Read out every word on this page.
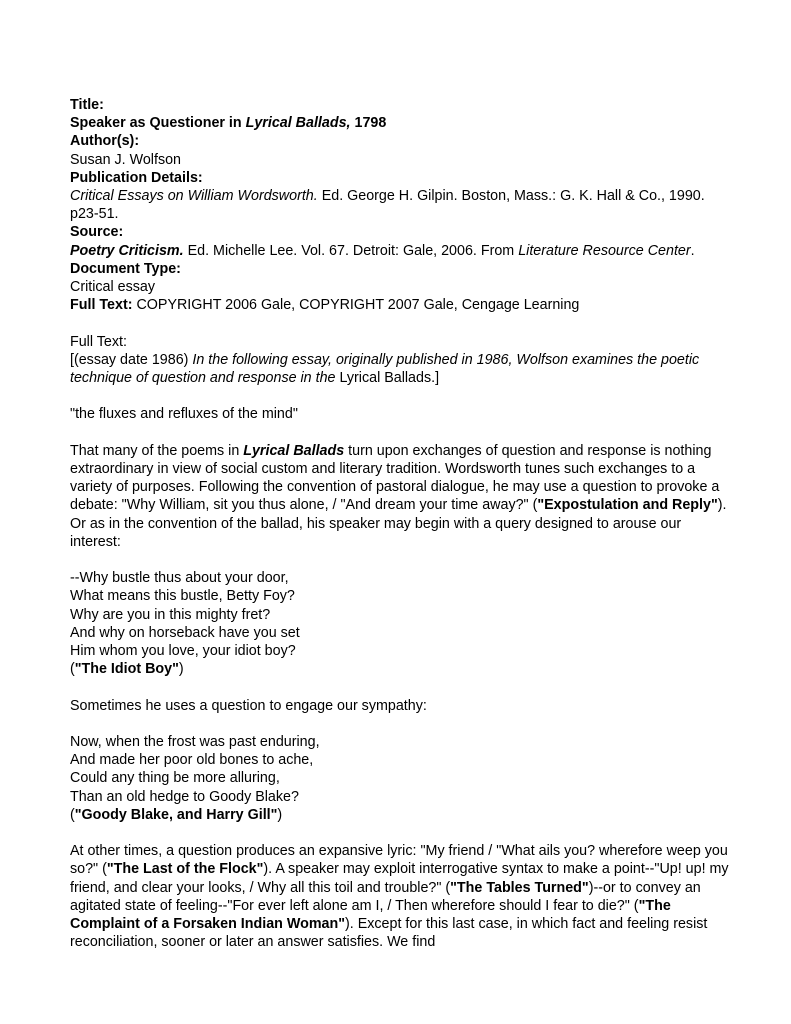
Title:

Speaker as Questioner in Lyrical Ballads, 1798

Author(s):

Susan J. Wolfson

Publication Details:

Critical Essays on William Wordsworth. Ed. George H. Gilpin. Boston, Mass.: G. K. Hall & Co., 1990. p23-51.

Source:

Poetry Criticism. Ed. Michelle Lee. Vol. 67. Detroit: Gale, 2006. From Literature Resource Center.

Document Type:

Critical essay

Full Text: COPYRIGHT 2006 Gale, COPYRIGHT 2007 Gale, Cengage Learning

Full Text:

[(essay date 1986) In the following essay, originally published in 1986, Wolfson examines the poetic technique of question and response in the Lyrical Ballads.]

"the fluxes and refluxes of the mind"

That many of the poems in Lyrical Ballads turn upon exchanges of question and response is nothing extraordinary in view of social custom and literary tradition. Wordsworth tunes such exchanges to a variety of purposes. Following the convention of pastoral dialogue, he may use a question to provoke a debate: "Why William, sit you thus alone, / "And dream your time away?" ("Expostulation and Reply"). Or as in the convention of the ballad, his speaker may begin with a query designed to arouse our interest:

--Why bustle thus about your door,

What means this bustle, Betty Foy?

Why are you in this mighty fret?

And why on horseback have you set

Him whom you love, your idiot boy?

("The Idiot Boy")

Sometimes he uses a question to engage our sympathy:

Now, when the frost was past enduring,

And made her poor old bones to ache,

Could any thing be more alluring,

Than an old hedge to Goody Blake?

("Goody Blake, and Harry Gill")

At other times, a question produces an expansive lyric: "My friend / "What ails you? wherefore weep you so?" ("The Last of the Flock"). A speaker may exploit interrogative syntax to make a point--"Up! up! my friend, and clear your looks, / Why all this toil and trouble?" ("The Tables Turned")--or to convey an agitated state of feeling--"For ever left alone am I, / Then wherefore should I fear to die?" ("The Complaint of a Forsaken Indian Woman"). Except for this last case, in which fact and feeling resist reconciliation, sooner or later an answer satisfies. We find
